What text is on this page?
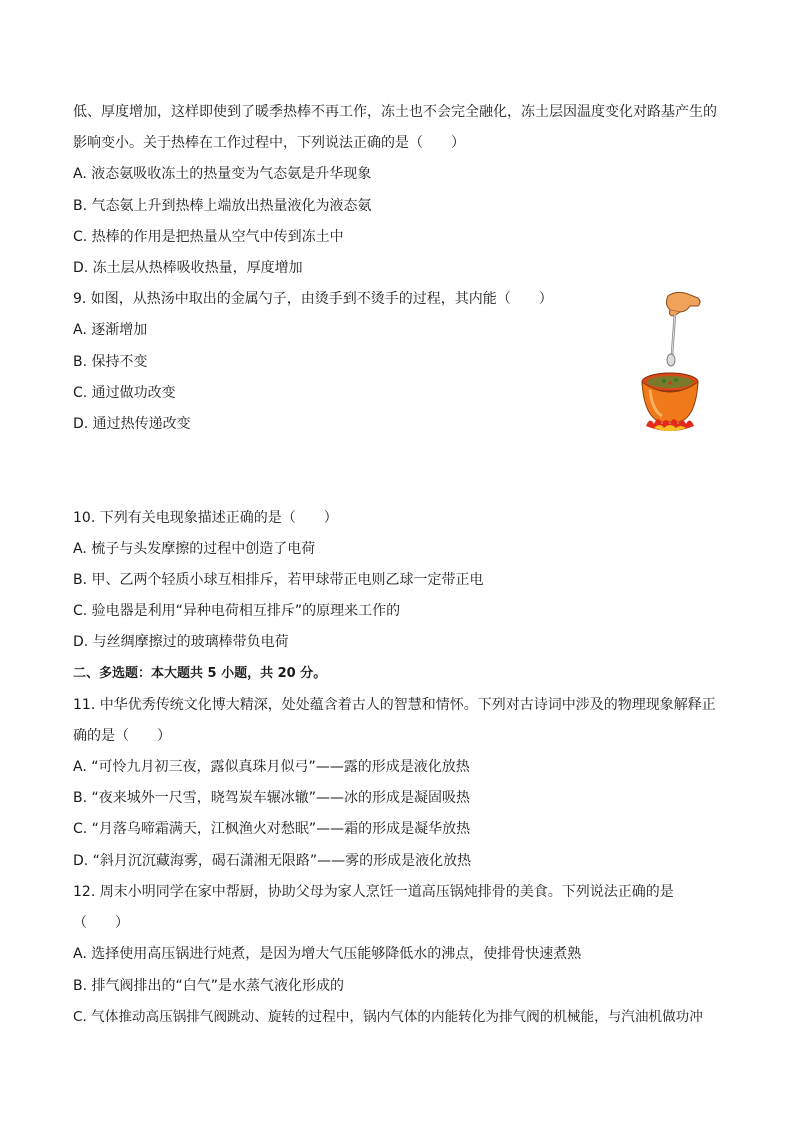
低、厚度增加，这样即使到了暖季热棒不再工作，冻土也不会完全融化，冻土层因温度变化对路基产生的
影响变小。关于热棒在工作过程中，下列说法正确的是（　　）
A. 液态氨吸收冻土的热量变为气态氨是升华现象
B. 气态氨上升到热棒上端放出热量液化为液态氨
C. 热棒的作用是把热量从空气中传到冻土中
D. 冻土层从热棒吸收热量，厚度增加
9. 如图，从热汤中取出的金属勺子，由烫手到不烫手的过程，其内能（　　）
A. 逐渐增加
B. 保持不变
C. 通过做功改变
D. 通过热传递改变
10. 下列有关电现象描述正确的是（　　）
A. 梳子与头发摩擦的过程中创造了电荷
B. 甲、乙两个轻质小球互相排斥，若甲球带正电则乙球一定带正电
C. 验电器是利用“异种电荷相互排斥”的原理来工作的
D. 与丝绸摩擦过的玻璃棒带负电荷
二、多选题：本大题共 5 小题，共 20 分。
11. 中华优秀传统文化博大精深，处处蕴含着古人的智慧和情怀。下列对古诗词中涉及的物理现象解释正
确的是（　　）
A. “可怜九月初三夜，露似真珠月似弓”——露的形成是液化放热
B. “夜来城外一尺雪，晓驾炭车辗冰辙”——冰的形成是凝固吸热
C. “月落乌啼霜满天，江枫渔火对愁眠”——霜的形成是凝华放热
D. “斜月沉沉藏海雾，碣石潇湘无限路”——雾的形成是液化放热
12. 周末小明同学在家中帮厨，协助父母为家人烹饪一道高压锅炖排骨的美食。下列说法正确的是
（　　）
A. 选择使用高压锅进行炖煮，是因为增大气压能够降低水的沸点，使排骨快速煮熟
B. 排气阀排出的“白气”是水蒸气液化形成的
C. 气体推动高压锅排气阀跳动、旋转的过程中，锅内气体的内能转化为排气阀的机械能，与汽油机做功冲
